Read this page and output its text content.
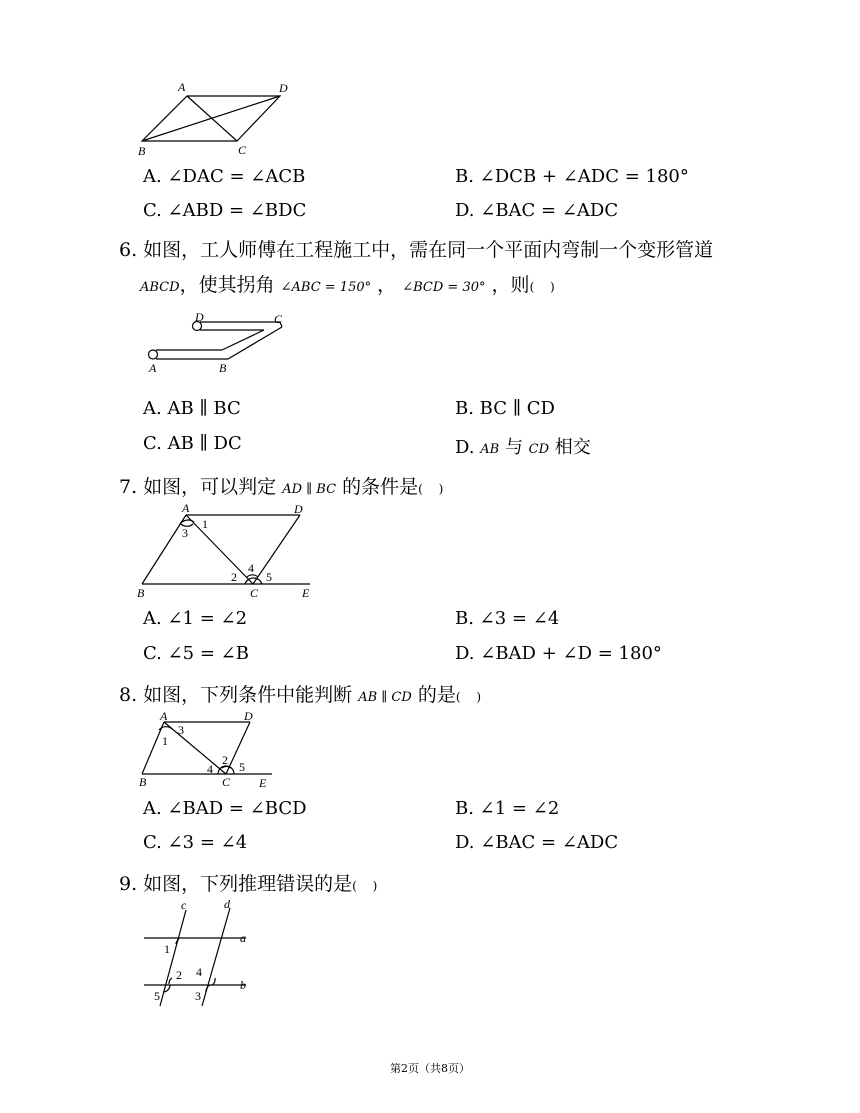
A	D
B	C
A. ∠DAC = ∠ACB	B. ∠DCB + ∠ADC = 180°
C. ∠ABD = ∠BDC	D. ∠BAC = ∠ADC
6. 如图，工人师傅在工程施工中，需在同一个平面内弯制一个变形管道
ABCD，使其拐角 ∠ABC = 150° ， ∠BCD = 30° ，则(　 )
D	C
A	B
A. AB ∥ BC	B. BC ∥ CD
C. AB ∥ DC	D. AB 与 CD 相交
7. 如图，可以判定 AD ∥ BC 的条件是(　 )
A	D
B	C	E
1
3
2
4
5
A. ∠1 = ∠2	B. ∠3 = ∠4
C. ∠5 = ∠B	D. ∠BAD + ∠D = 180°
8. 如图，下列条件中能判断 AB ∥ CD 的是(　 )
A	D
B	C E
3
1
2
4 5
A. ∠BAD = ∠BCD	B. ∠1 = ∠2
C. ∠3 = ∠4	D. ∠BAC = ∠ADC
9. 如图，下列推理错误的是(　 )
c	d
a
b
1
2 4
5	3
第2页（共8页）
